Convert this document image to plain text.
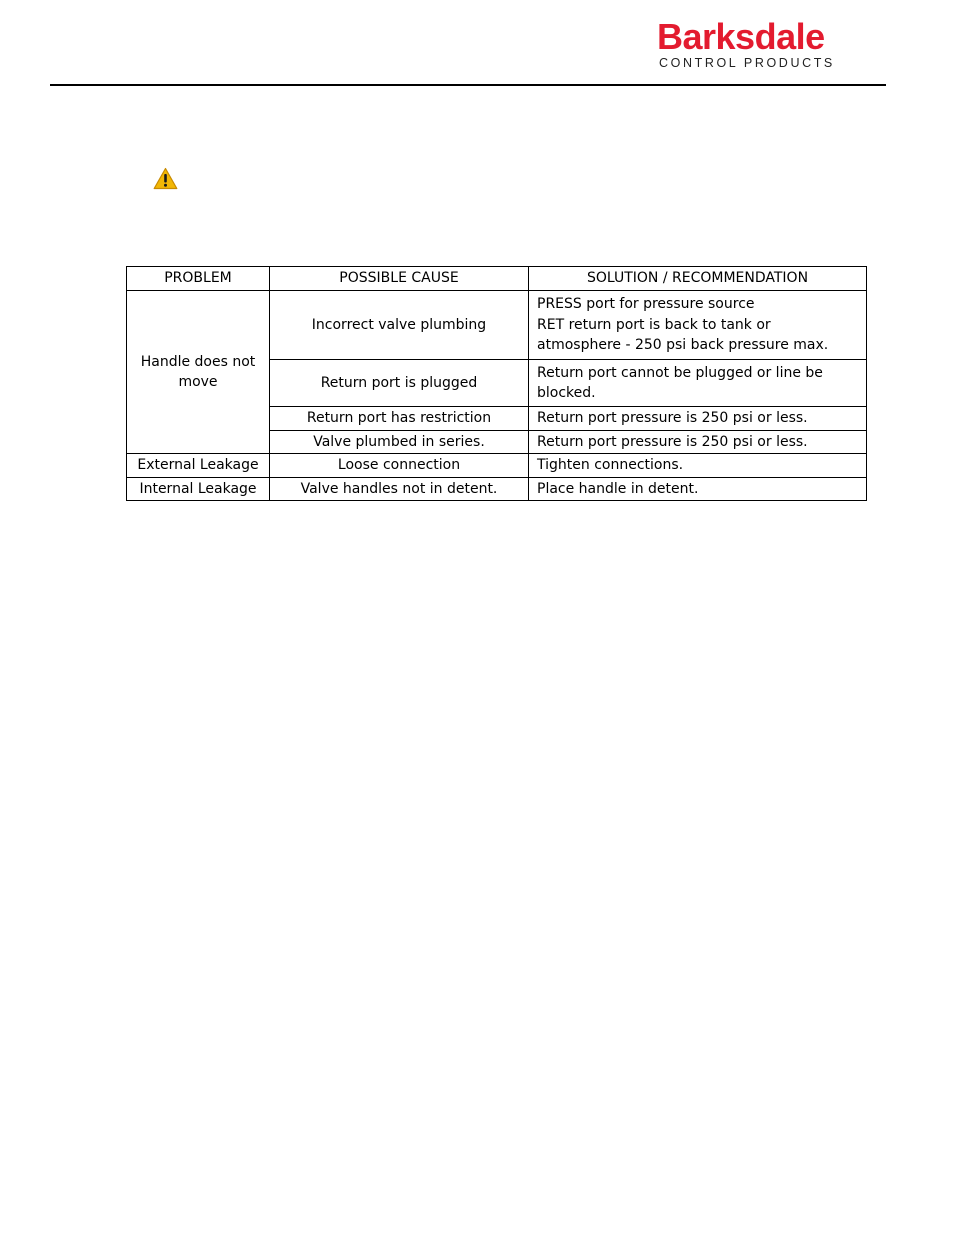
Barksdale
CONTROL PRODUCTS
PROBLEM	POSSIBLE CAUSE	SOLUTION / RECOMMENDATION
Handle does not move	Incorrect valve plumbing	PRESS port for pressure source
RET return port is back to tank or atmosphere - 250 psi back pressure max.

	Return port is plugged	Return port cannot be plugged or line be blocked.
	Return port has restriction	Return port pressure is 250 psi or less.
	Valve plumbed in series.	Return port pressure is 250 psi or less.
External Leakage	Loose connection	Tighten connections.
Internal Leakage	Valve handles not in detent.	Place handle in detent.
